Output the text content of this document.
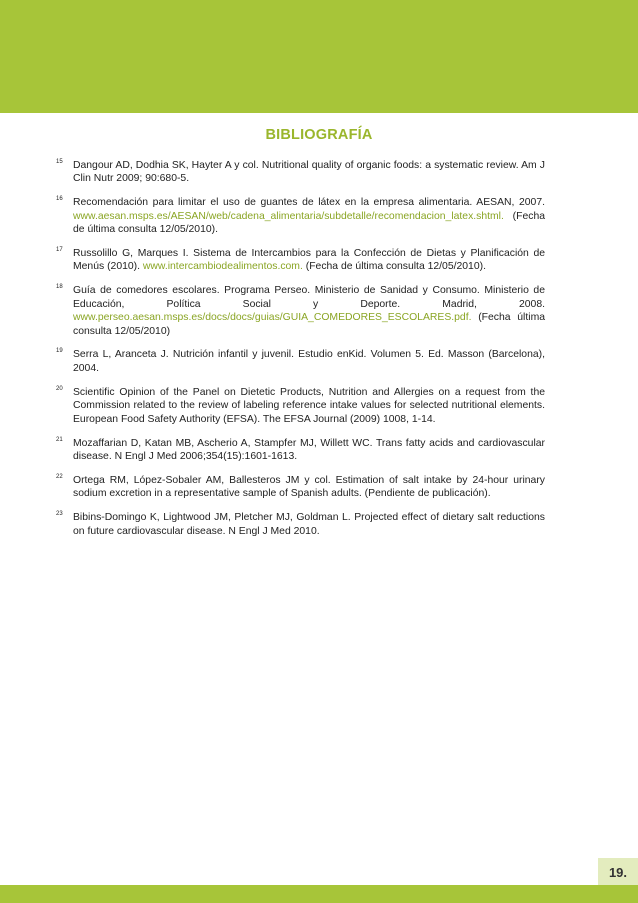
BIBLIOGRAFÍA
15 Dangour AD, Dodhia SK, Hayter A y col. Nutritional quality of organic foods: a systematic review. Am J Clin Nutr 2009; 90:680-5.
16 Recomendación para limitar el uso de guantes de látex en la empresa alimentaria. AESAN, 2007. www.aesan.msps.es/AESAN/web/cadena_alimentaria/subdetalle/recomendacion_latex.shtml. (Fecha de última consulta 12/05/2010).
17 Russolillo G, Marques I. Sistema de Intercambios para la Confección de Dietas y Planificación de Menús (2010). www.intercambiodealimentos.com. (Fecha de última consulta 12/05/2010).
18 Guía de comedores escolares. Programa Perseo. Ministerio de Sanidad y Consumo. Ministerio de Educación, Política Social y Deporte. Madrid, 2008. www.perseo.aesan.msps.es/docs/docs/guias/GUIA_COMEDORES_ESCOLARES.pdf. (Fecha última consulta 12/05/2010)
19 Serra L, Aranceta J. Nutrición infantil y juvenil. Estudio enKid. Volumen 5. Ed. Masson (Barcelona), 2004.
20 Scientific Opinion of the Panel on Dietetic Products, Nutrition and Allergies on a request from the Commission related to the review of labeling reference intake values for selected nutritional elements. European Food Safety Authority (EFSA). The EFSA Journal (2009) 1008, 1-14.
21 Mozaffarian D, Katan MB, Ascherio A, Stampfer MJ, Willett WC. Trans fatty acids and cardiovascular disease. N Engl J Med 2006;354(15):1601-1613.
22 Ortega RM, López-Sobaler AM, Ballesteros JM y col. Estimation of salt intake by 24-hour urinary sodium excretion in a representative sample of Spanish adults. (Pendiente de publicación).
23 Bibins-Domingo K, Lightwood JM, Pletcher MJ, Goldman L. Projected effect of dietary salt reductions on future cardiovascular disease. N Engl J Med 2010.
19.
